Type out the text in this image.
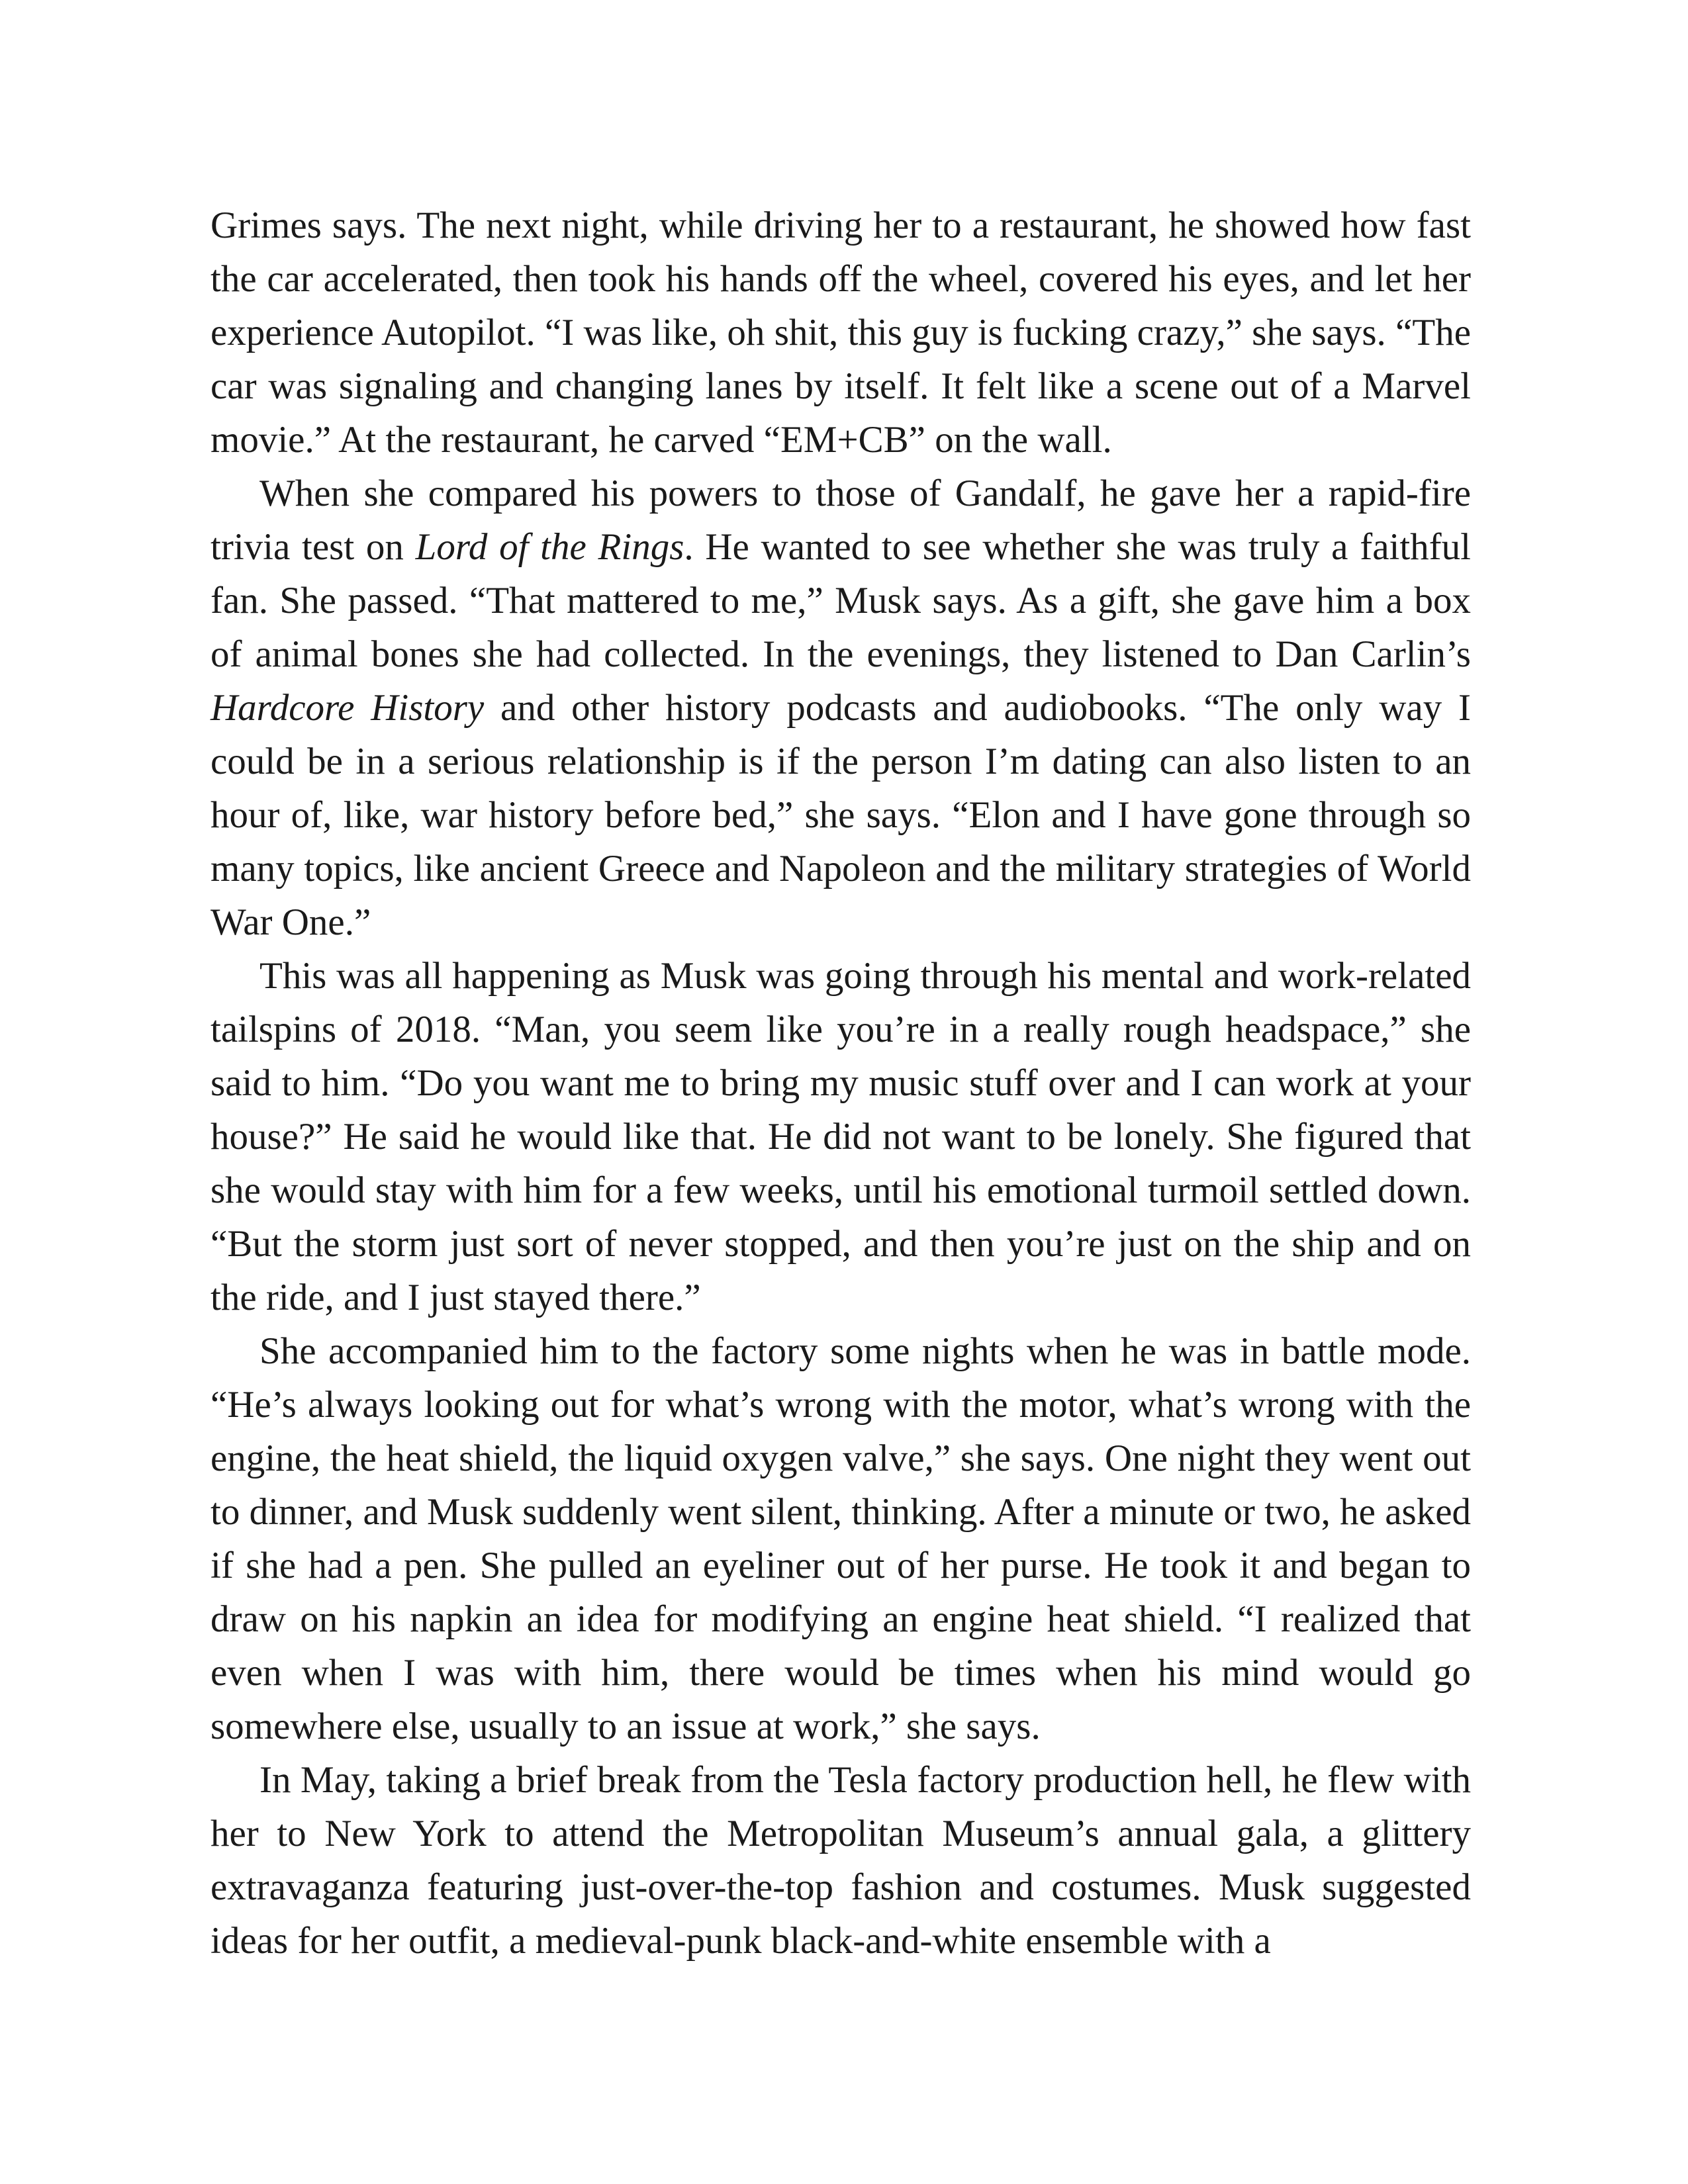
Grimes says. The next night, while driving her to a restaurant, he showed how fast the car accelerated, then took his hands off the wheel, covered his eyes, and let her experience Autopilot. “I was like, oh shit, this guy is fucking crazy,” she says. “The car was signaling and changing lanes by itself. It felt like a scene out of a Marvel movie.” At the restaurant, he carved “EM+CB” on the wall.

When she compared his powers to those of Gandalf, he gave her a rapid-fire trivia test on Lord of the Rings. He wanted to see whether she was truly a faithful fan. She passed. “That mattered to me,” Musk says. As a gift, she gave him a box of animal bones she had collected. In the evenings, they listened to Dan Carlin’s Hardcore History and other history podcasts and audiobooks. “The only way I could be in a serious relationship is if the person I’m dating can also listen to an hour of, like, war history before bed,” she says. “Elon and I have gone through so many topics, like ancient Greece and Napoleon and the military strategies of World War One.”

This was all happening as Musk was going through his mental and work-related tailspins of 2018. “Man, you seem like you’re in a really rough headspace,” she said to him. “Do you want me to bring my music stuff over and I can work at your house?” He said he would like that. He did not want to be lonely. She figured that she would stay with him for a few weeks, until his emotional turmoil settled down. “But the storm just sort of never stopped, and then you’re just on the ship and on the ride, and I just stayed there.”

She accompanied him to the factory some nights when he was in battle mode. “He’s always looking out for what’s wrong with the motor, what’s wrong with the engine, the heat shield, the liquid oxygen valve,” she says. One night they went out to dinner, and Musk suddenly went silent, thinking. After a minute or two, he asked if she had a pen. She pulled an eyeliner out of her purse. He took it and began to draw on his napkin an idea for modifying an engine heat shield. “I realized that even when I was with him, there would be times when his mind would go somewhere else, usually to an issue at work,” she says.

In May, taking a brief break from the Tesla factory production hell, he flew with her to New York to attend the Metropolitan Museum’s annual gala, a glittery extravaganza featuring just-over-the-top fashion and costumes. Musk suggested ideas for her outfit, a medieval-punk black-and-white ensemble with a
